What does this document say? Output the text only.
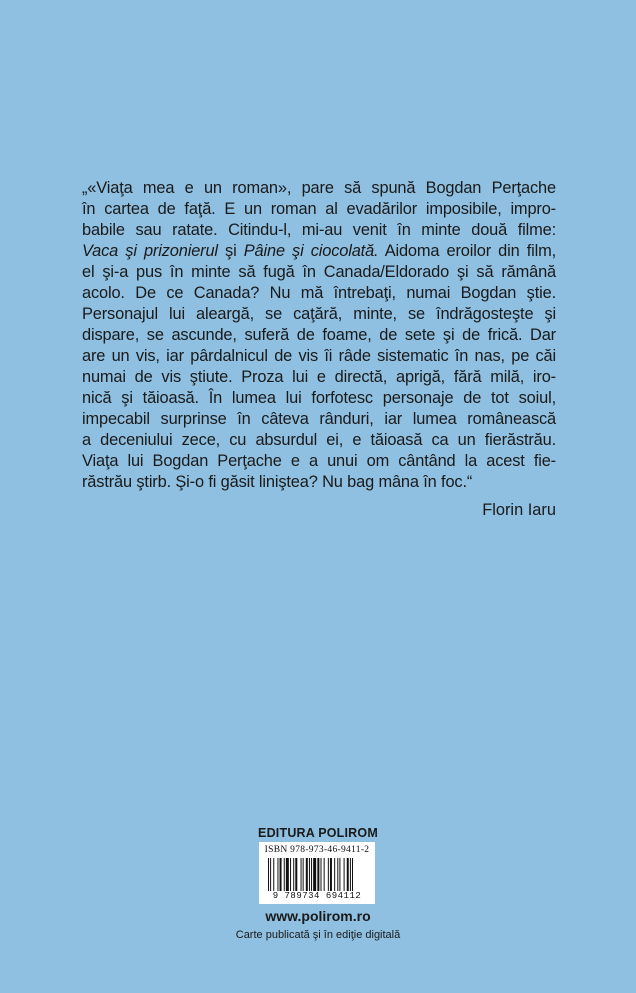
„«Viaţa mea e un roman», pare să spună Bogdan Perţache
în cartea de faţă. E un roman al evadărilor imposibile, impro-
babile sau ratate. Citindu-l, mi-au venit în minte două filme:
Vaca şi prizonierul şi Pâine şi ciocolată. Aidoma eroilor din film,
el şi-a pus în minte să fugă în Canada/Eldorado şi să rămână
acolo. De ce Canada? Nu mă întrebaţi, numai Bogdan ştie.
Personajul lui aleargă, se caţără, minte, se îndrăgosteşte şi
dispare, se ascunde, suferă de foame, de sete şi de frică. Dar
are un vis, iar pârdalnicul de vis îi râde sistematic în nas, pe căi
numai de vis ştiute. Proza lui e directă, aprigă, fără milă, iro-
nică şi tăioasă. În lumea lui forfotesc personaje de tot soiul,
impecabil surprinse în câteva rânduri, iar lumea românească
a deceniului zece, cu absurdul ei, e tăioasă ca un fierăstrău.
Viaţa lui Bogdan Perţache e a unui om cântând la acest fie-
răstrău ştirb. Şi-o fi găsit liniştea? Nu bag mâna în foc.“
Florin Iaru
EDITURA POLIROM
ISBN 978-973-46-9411-2
9 789734 694112
www.polirom.ro
Carte publicată şi în ediţie digitală
